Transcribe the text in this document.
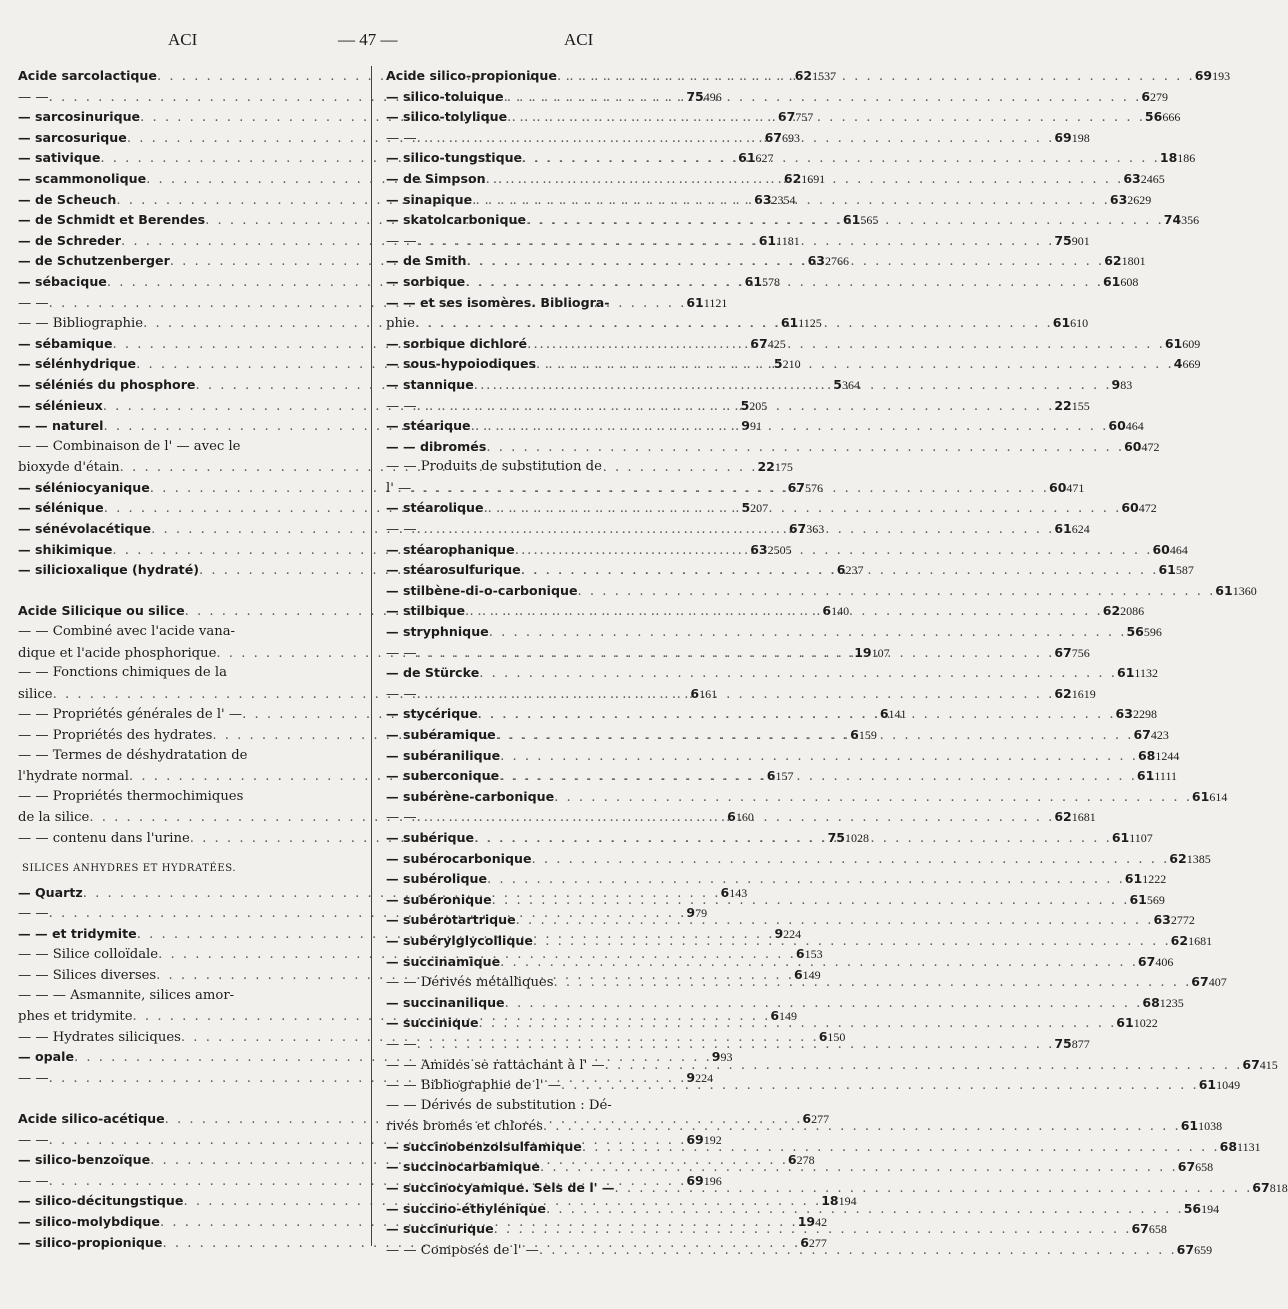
ACI	— 47 —	ACI
Acide sarcolactique . . .	62 1537
— — . . .	75 496
— sarcosinurique . . .	67 757
— sarcosurique . . .	67 693
— sativique . . .	61 627
— scammonolique . . .	62 1691
— de Scheuch . . .	63 2354
— de Schmidt et Berendes . . .	61 565
— de Schreder . . .	61 1181
— de Schutzenberger . . .	63 2766
— sébacique . . .	61 578
— — . . .	61 1121
— — Bibliographie . . .	61 1125
— sébamique . . .	67 425
— sélénhydrique . . .	5 210
— séléniés du phosphore . . .	5 364
— sélénieux . . .	5 205
— — naturel . . .	9 91
— — Combinaison de l' — avec le
bioxyde d'étain . . .	22 175
— séléniocyanique . . .	67 576
— sélénique . . .	5 207
— sénévolacétique . . .	67 363
— shikimique . . .	63 2505
— silicioxalique (hydraté) . . .	6 237
Acide Silicique ou silice . . .	6 140
— — Combiné avec l'acide vana-
dique et l'acide phosphorique . . .	19 107
— — Fonctions chimiques de la
silice . . .	6 161
— — Propriétés générales de l' — . . .	6 141
— — Propriétés des hydrates . . .	6 159
— — Termes de déshydratation de
l'hydrate normal . . .	6 157
— — Propriétés thermochimiques
de la silice . . .	6 160
— — contenu dans l'urine . . .	75 1028
SILICES ANHYDRES ET HYDRATÉES.
— Quartz . . .	6 143
— — . . .	9 79
— — et tridymite . . .	9 224
— — Silice colloïdale . . .	6 153
— — Silices diverses . . .	6 149
— — — Asmannite, silices amor-
phes et tridymite . . .	6 149
— — Hydrates siliciques . . .	6 150
— opale . . .	9 93
— — . . .	9 224
Acide silico-acétique . . .	6 277
— — . . .	69 192
— silico-benzoïque . . .	6 278
— — . . .	69 196
— silico-décitungstique . . .	18 194
— silico-molybdique . . .	19 42
— silico-propionique . . .	6 277
Acide silico-propionique . . .	69 193
— silico-toluique . . .	6 279
— silico-tolylique . . .	56 666
— — . . .	69 198
— silico-tungstique . . .	18 186
— de Simpson . . .	63 2465
— sinapique . . .	63 2629
— skatolcarbonique . . .	74 356
— — . . .	75 901
— de Smith . . .	62 1801
— sorbique . . .	61 608
— — et ses isomères. Bibliogra-
phie . . .	61 610
— sorbique dichloré . . .	61 609
— sous-hypoiodiques . . .	4 669
— stannique . . .	9 83
— — . . .	22 155
— stéarique . . .	60 464
— — dibromés . . .	60 472
— — Produits de substitution de
l' — . . .	60 471
— stéarolique . . .	60 472
— — . . .	61 624
— stéarophanique . . .	60 464
— stéarosulfurique . . .	61 587
— stilbène-di-o-carbonique . . .	61 1360
— stilbique . . .	62 2086
— stryphnique . . .	56 596
— — . . .	67 756
— de Stürcke . . .	61 1132
— — . . .	62 1619
— stycérique . . .	63 2298
— subéramique . . .	67 423
— subéranilique . . .	68 1244
— suberconique . . .	61 1111
— subérène-carbonique . . .	61 614
— — . . .	62 1681
— subérique . . .	61 1107
— subérocarbonique . . .	62 1385
— subérolique . . .	61 1222
— subéronique . . .	61 569
— subérotartrique . . .	63 2772
— subérylglycollique . . .	62 1681
— succinamique . . .	67 406
— — Dérivés métalliques . . .	67 407
— succinanilique . . .	68 1235
— succinique . . .	61 1022
— — . . .	75 877
— — Amides se rattachant à l' — . . .	67 415
— — Bibliographie de l' — . . .	61 1049
— — Dérivés de substitution : Dé-
rivés bromés et chlorés . . .	61 1038
— succinobenzolsulfamique . . .	68 1131
— succinocarbamique . . .	67 658
— succinocyamique. Sels de l' — . . .	67 818
— succino-éthylénique . . .	56 194
— succinurique . . .	67 658
— — Composés de l' — . . .	67 659
